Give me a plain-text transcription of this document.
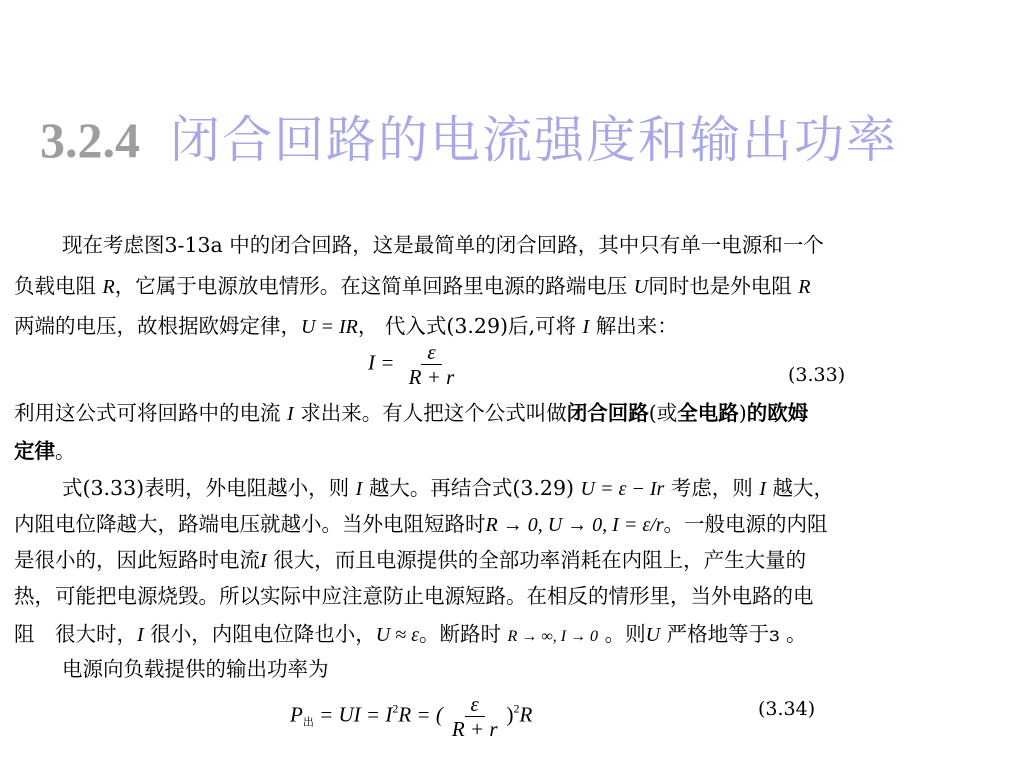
3.2.4 闭合回路的电流强度和输出功率
现在考虑图3-13a 中的闭合回路，这是最简单的闭合回路，其中只有单一电源和一个
负载电阻 R，它属于电源放电情形。在这简单回路里电源的路端电压 U同时也是外电阻 R
两端的电压，故根据欧姆定律，U = IR， 代入式(3.29)后,可将 I 解出来：
$I = \frac{\varepsilon}{R + r}$	(3.33)
利用这公式可将回路中的电流 I 求出来。有人把这个公式叫做闭合回路(或全电路)的欧姆
定律。
式(3.33)表明，外电阻越小，则 I 越大。再结合式(3.29) U = ε − Ir 考虑，则 I 越大，
内阻电位降越大，路端电压就越小。当外电阻短路时R → 0, U → 0, I = ε/r。一般电源的内阻
是很小的，因此短路时电流I 很大，而且电源提供的全部功率消耗在内阻上，产生大量的
热，可能把电源烧毁。所以实际中应注意防止电源短路。在相反的情形里，当外电路的电
阻　很大时，I 很小，内阻电位降也小，U ≈ ε。断路时 R → ∞, I → 0 。则U 严格地等于ɜ 。
电源向负载提供的输出功率为
$P_出$ = UI = $I^2R$ = ( $\frac{\varepsilon}{R + r} )^2R$	(3.34)
